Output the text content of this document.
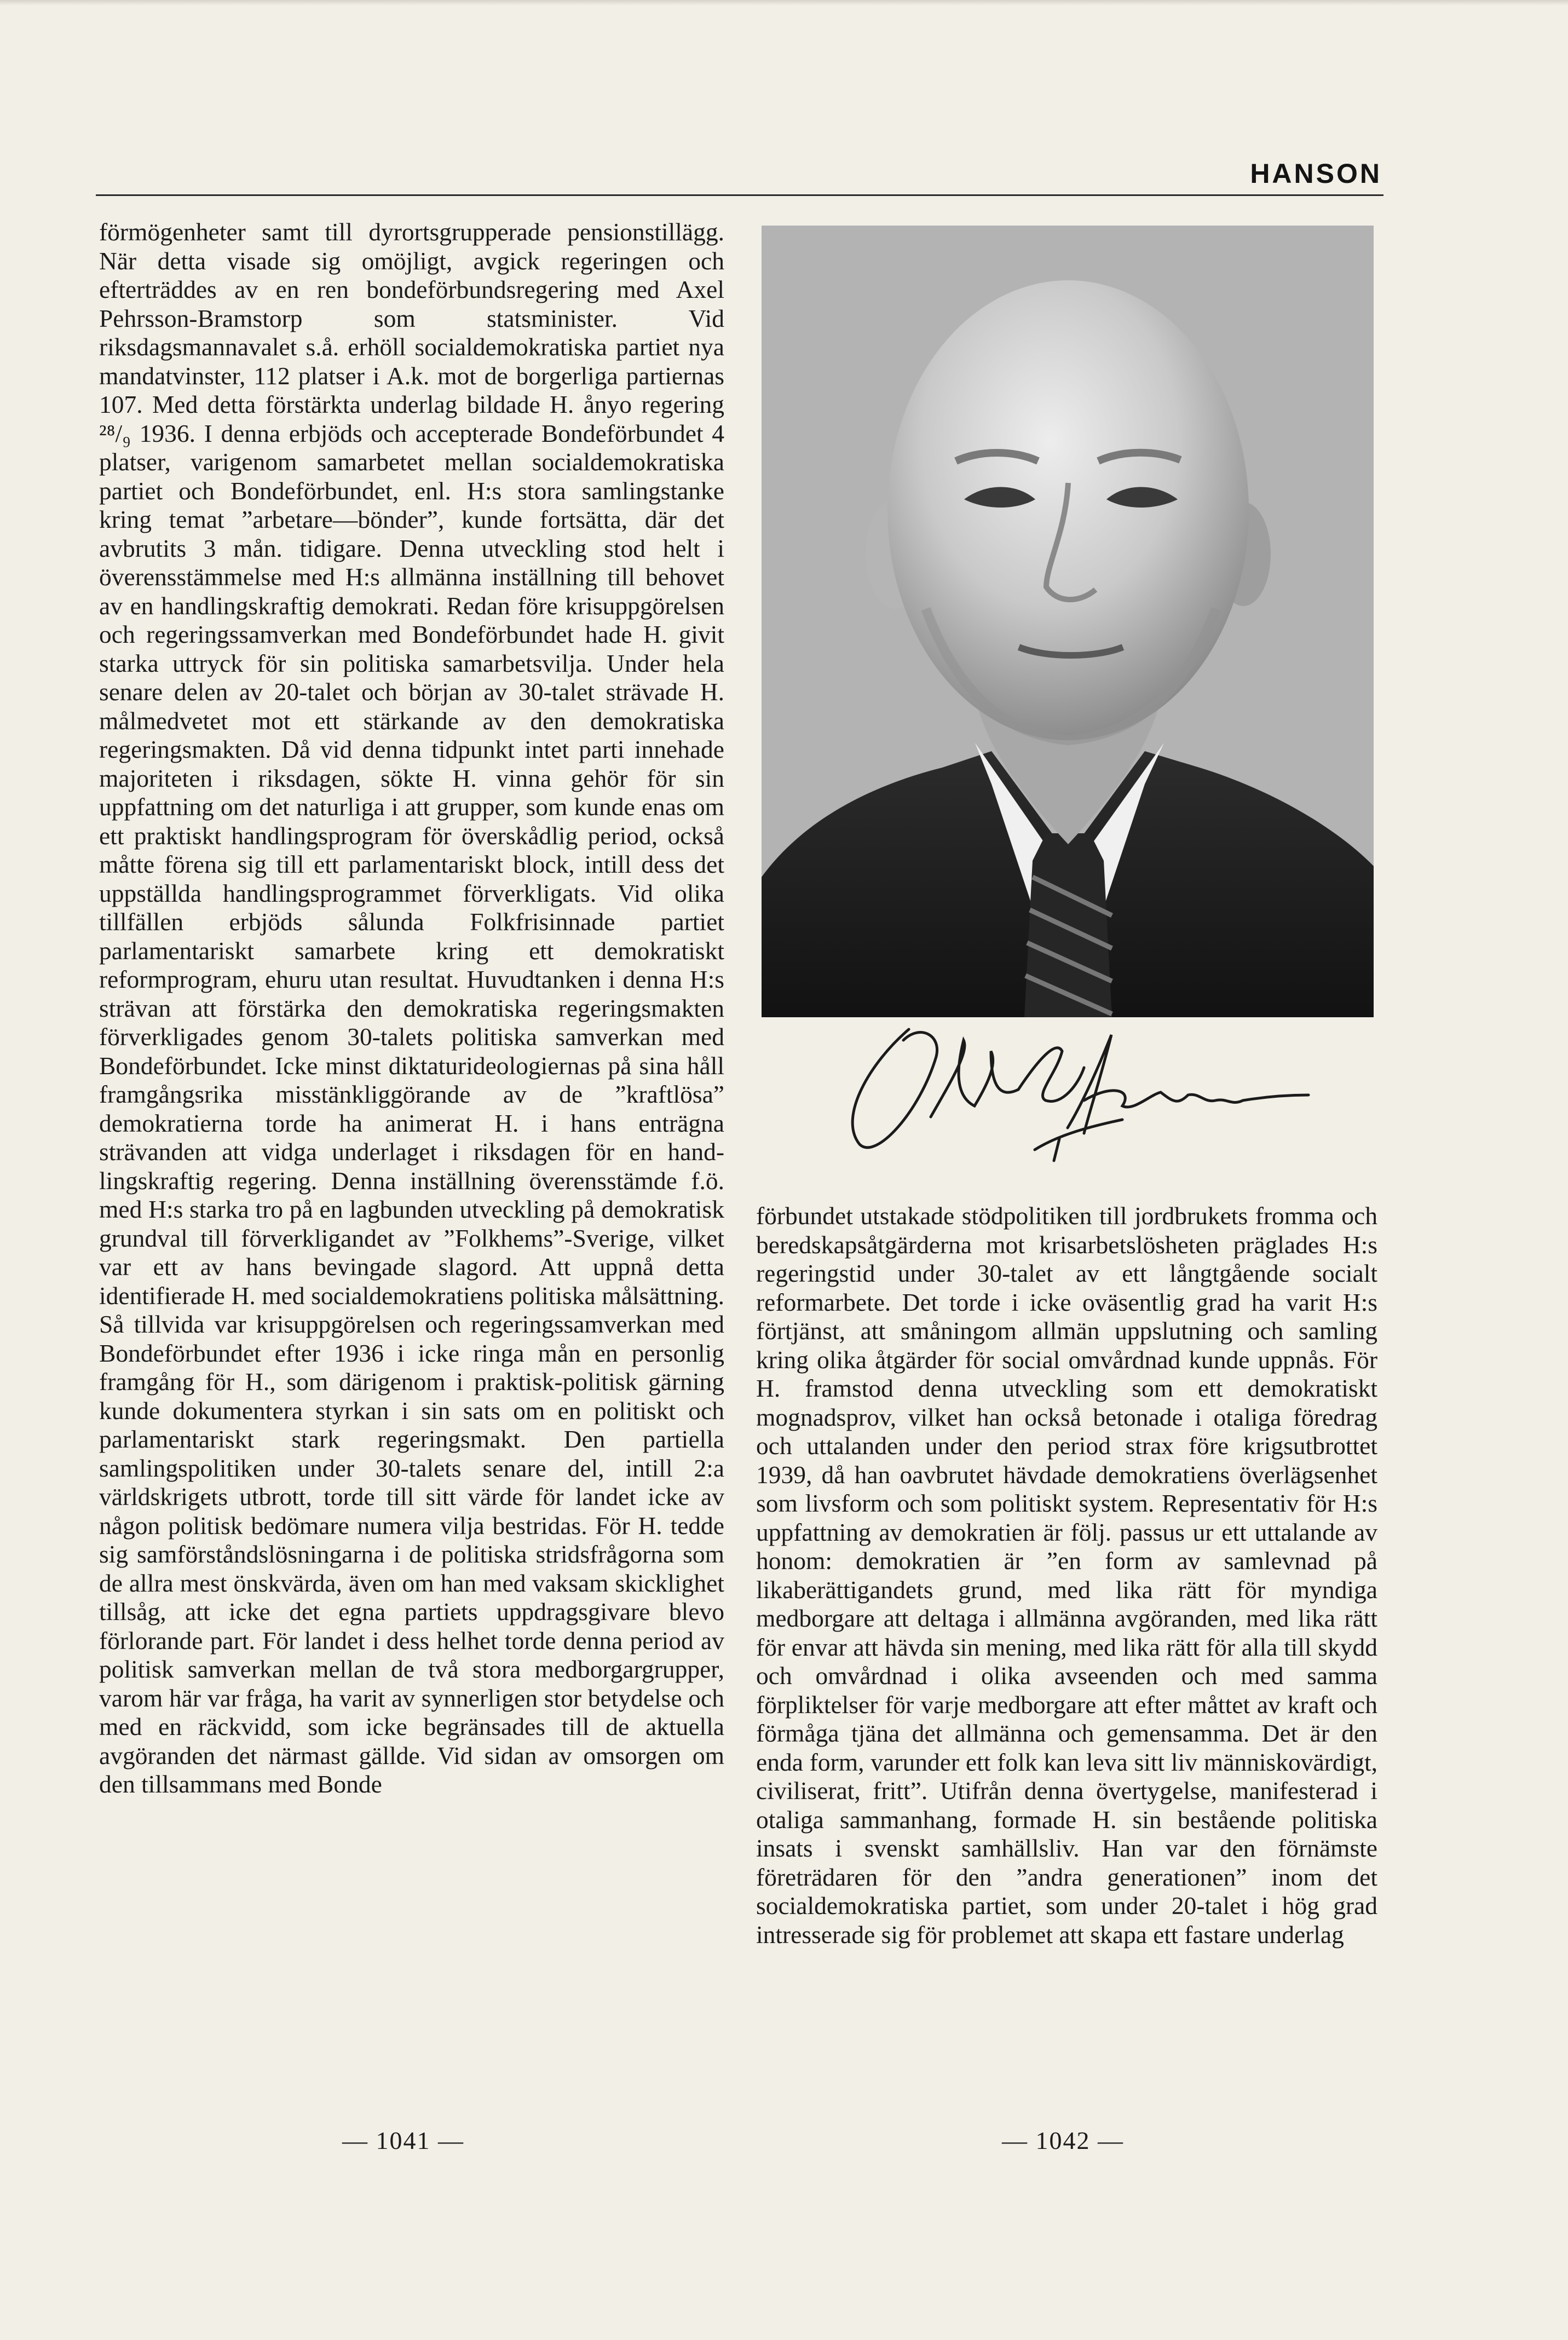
HANSON

förmögenheter samt till dyrortsgrupperade pensionstillägg. När detta visade sig omöjligt, avgick regeringen och efterträddes av en ren bondeförbundsregering med Axel Pehrsson-Bramstorp som statsminister. Vid riksdagsmannavalet s.å. erhöll socialdemokratiska partiet nya mandatvinster, 112 platser i A.k. mot de borgerliga partiernas 107. Med detta förstärkta underlag bildade H. ånyo regering ²⁸/₉ 1936. I denna erbjöds och accepterade Bondeförbundet 4 platser, varigenom samarbetet mellan socialdemokratiska partiet och Bondeförbundet, enl. H:s stora samlingstanke kring temat ”arbetare—bönder”, kunde fortsätta, där det avbrutits 3 mån. tidigare. Denna utveckling stod helt i överensstämmelse med H:s allmänna inställning till behovet av en handlingskraftig demokrati. Redan före krisuppgörelsen och regeringssamverkan med Bondeförbundet hade H. givit starka uttryck för sin politiska samarbetsvilja. Under hela senare delen av 20-talet och början av 30-talet strävade H. målmedvetet mot ett stärkande av den demokratiska regeringsmakten. Då vid denna tidpunkt intet parti innehade majoriteten i riksdagen, sökte H. vinna gehör för sin uppfattning om det naturliga i att grupper, som kunde enas om ett praktiskt handlingsprogram för överskådlig period, också måtte förena sig till ett parlamentariskt block, intill dess det uppställda handlingsprogrammet förverkligats. Vid olika tillfällen erbjöds sålunda Folkfrisinnade partiet parlamentariskt samarbete kring ett demokratiskt reformprogram, ehuru utan resultat. Huvudtanken i denna H:s strävan att förstärka den demokratiska regeringsmakten förverkligades genom 30-talets politiska samverkan med Bondeförbundet. Icke minst diktaturideologiernas på sina håll framgångsrika misstänkliggörande av de ”kraftlösa” demokratierna torde ha animerat H. i hans enträgna strävanden att vidga underlaget i riksdagen för en handlingskraftig regering. Denna inställning överensstämde f.ö. med H:s starka tro på en lagbunden utveckling på demokratisk grundval till förverkligandet av ”Folkhems”-Sverige, vilket var ett av hans bevingade slagord. Att uppnå detta identifierade H. med socialdemokratiens politiska målsättning. Så tillvida var krisuppgörelsen och regeringssamverkan med Bondeförbundet efter 1936 i icke ringa mån en personlig framgång för H., som därigenom i praktisk-politisk gärning kunde dokumentera styrkan i sin sats om en politiskt och parlamentariskt stark regeringsmakt. Den partiella samlingspolitiken under 30-talets senare del, intill 2:a världskrigets utbrott, torde till sitt värde för landet icke av någon politisk bedömare numera vilja bestridas. För H. tedde sig samförståndslösningarna i de politiska stridsfrågorna som de allra mest önskvärda, även om han med vaksam skicklighet tillsåg, att icke det egna partiets uppdragsgivare blevo förlorande part. För landet i dess helhet torde denna period av politisk samverkan mellan de två stora medborgargrupper, varom här var fråga, ha varit av synnerligen stor betydelse och med en räckvidd, som icke begränsades till de aktuella avgöranden det närmast gällde. Vid sidan av omsorgen om den tillsammans med Bonde

förbundet utstakade stödpolitiken till jordbrukets fromma och beredskapsåtgärderna mot krisarbetslösheten präglades H:s regeringstid under 30-talet av ett långtgående socialt reformarbete. Det torde i icke oväsentlig grad ha varit H:s förtjänst, att småningom allmän uppslutning och samling kring olika åtgärder för social omvårdnad kunde uppnås. För H. framstod denna utveckling som ett demokratiskt mognadsprov, vilket han också betonade i otaliga föredrag och uttalanden under den period strax före krigsutbrottet 1939, då han oavbrutet hävdade demokratiens överlägsenhet som livsform och som politiskt system. Representativ för H:s uppfattning av demokratien är följ. passus ur ett uttalande av honom: demokratien är ”en form av samlevnad på likaberättigandets grund, med lika rätt för myndiga medborgare att deltaga i allmänna avgöranden, med lika rätt för envar att hävda sin mening, med lika rätt för alla till skydd och omvårdnad i olika avseenden och med samma förpliktelser för varje medborgare att efter måttet av kraft och förmåga tjäna det allmänna och gemensamma. Det är den enda form, varunder ett folk kan leva sitt liv människovärdigt, civiliserat, fritt”. Utifrån denna övertygelse, manifesterad i otaliga sammanhang, formade H. sin bestående politiska insats i svenskt samhällsliv. Han var den förnämste företrädaren för den ”andra generationen” inom det socialdemokratiska partiet, som under 20-talet i hög grad intresserade sig för problemet att skapa ett fastare underlag

— 1041 —	— 1042 —
